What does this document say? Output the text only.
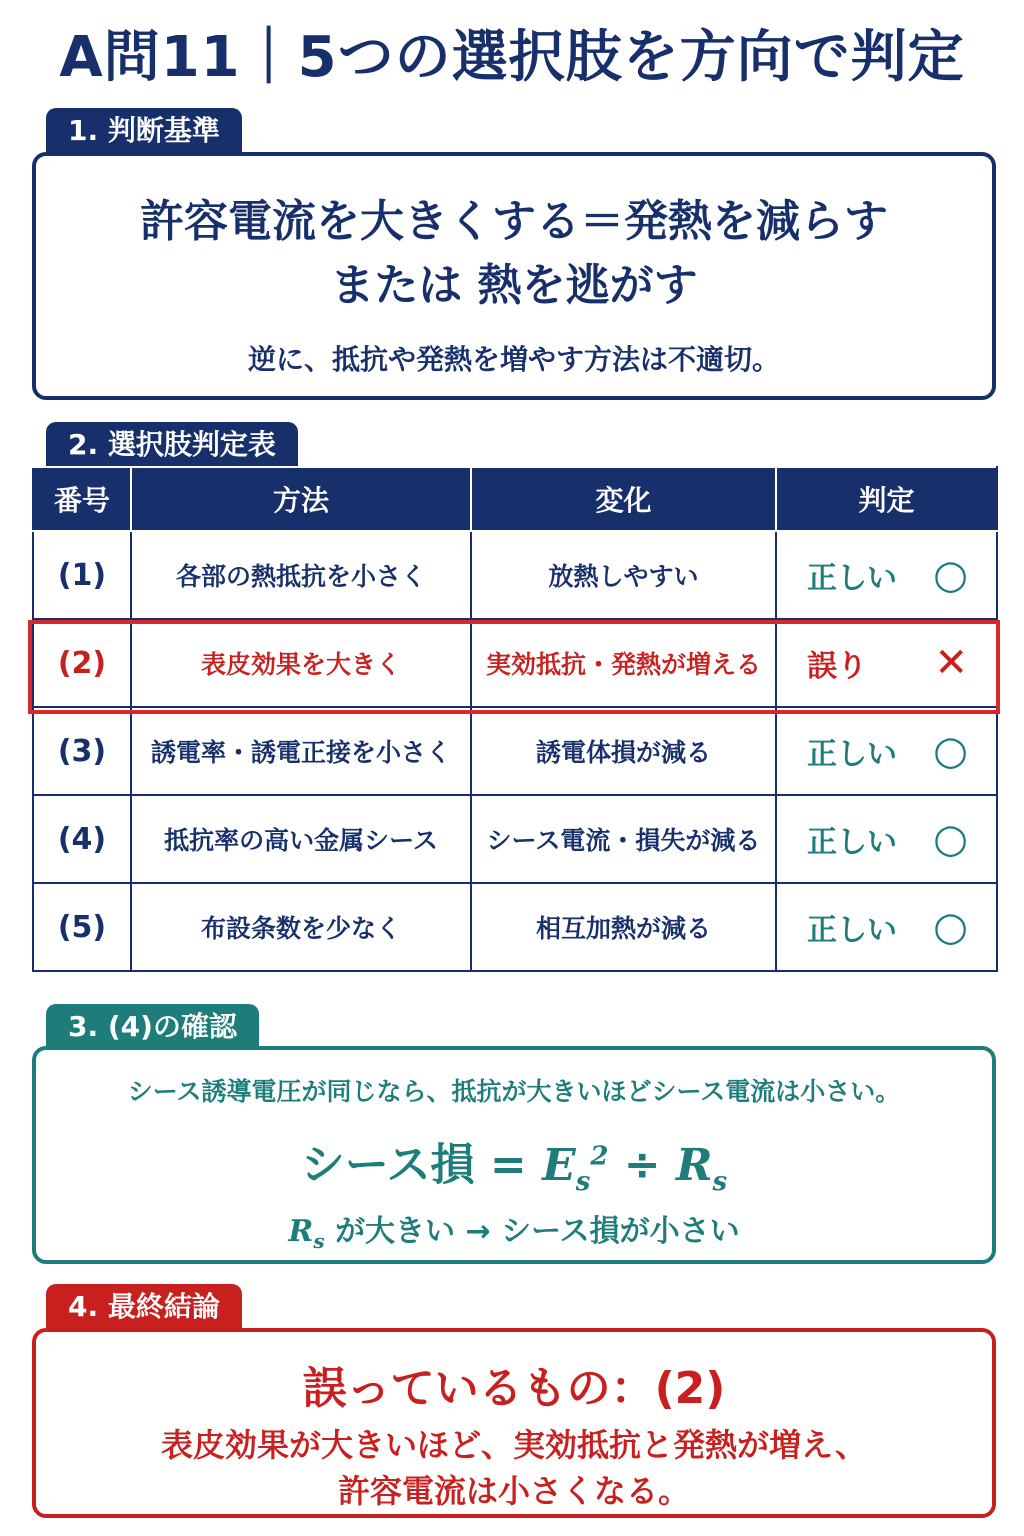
A問11｜5つの選択肢を方向で判定
1. 判断基準
許容電流を大きくする＝発熱を減らす
または 熱を逃がす
逆に、抵抗や発熱を増やす方法は不適切。
2. 選択肢判定表
番号	方法	変化	判定
(1)	各部の熱抵抗を小さく	放熱しやすい	正しい ○

(2)	表皮効果を大きく	実効抵抗・発熱が増える	誤り ✕

(3)	誘電率・誘電正接を小さく	誘電体損が減る	正しい ○

(4)	抵抗率の高い金属シース	シース電流・損失が減る	正しい ○

(5)	布設条数を少なく	相互加熱が減る	正しい ○
3. (4)の確認
シース誘導電圧が同じなら、抵抗が大きいほどシース電流は小さい。
シース損 = $E_s^2 \div R_s$
$R_s$ が大きい → シース損が小さい
4. 最終結論
誤っているもの：(2)
表皮効果が大きいほど、実効抵抗と発熱が増え、
許容電流は小さくなる。
